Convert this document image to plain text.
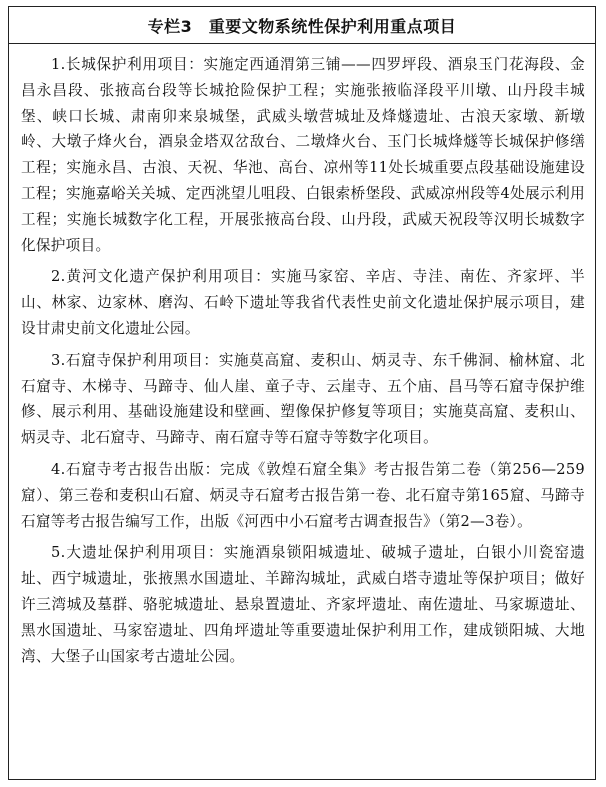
专栏3　重要文物系统性保护利用重点项目

1.长城保护利用项目：实施定西通渭第三铺——四罗坪段、酒泉玉门花海段、金昌永昌段、张掖高台段等长城抢险保护工程；实施张掖临泽段平川墩、山丹段丰城堡、峡口长城、肃南卯来泉城堡，武威头墩营城址及烽燧遗址、古浪天家墩、新墩岭、大墩子烽火台，酒泉金塔双岔敌台、二墩烽火台、玉门长城烽燧等长城保护修缮工程；实施永昌、古浪、天祝、华池、高台、凉州等11处长城重要点段基础设施建设工程；实施嘉峪关关城、定西洮望儿咀段、白银索桥堡段、武威凉州段等4处展示利用工程；实施长城数字化工程，开展张掖高台段、山丹段，武威天祝段等汉明长城数字化保护项目。

2.黄河文化遗产保护利用项目：实施马家窑、辛店、寺洼、南佐、齐家坪、半山、林家、边家林、磨沟、石岭下遗址等我省代表性史前文化遗址保护展示项目，建设甘肃史前文化遗址公园。

3.石窟寺保护利用项目：实施莫高窟、麦积山、炳灵寺、东千佛洞、榆林窟、北石窟寺、木梯寺、马蹄寺、仙人崖、童子寺、云崖寺、五个庙、昌马等石窟寺保护维修、展示利用、基础设施建设和壁画、塑像保护修复等项目；实施莫高窟、麦积山、炳灵寺、北石窟寺、马蹄寺、南石窟寺等石窟寺等数字化项目。

4.石窟寺考古报告出版：完成《敦煌石窟全集》考古报告第二卷（第256—259窟）、第三卷和麦积山石窟、炳灵寺石窟考古报告第一卷、北石窟寺第165窟、马蹄寺石窟等考古报告编写工作，出版《河西中小石窟考古调查报告》（第2—3卷）。

5.大遗址保护利用项目：实施酒泉锁阳城遗址、破城子遗址，白银小川瓷窑遗址、西宁城遗址，张掖黑水国遗址、羊蹄沟城址，武威白塔寺遗址等保护项目；做好许三湾城及墓群、骆驼城遗址、悬泉置遗址、齐家坪遗址、南佐遗址、马家塬遗址、黑水国遗址、马家窑遗址、四角坪遗址等重要遗址保护利用工作，建成锁阳城、大地湾、大堡子山国家考古遗址公园。
